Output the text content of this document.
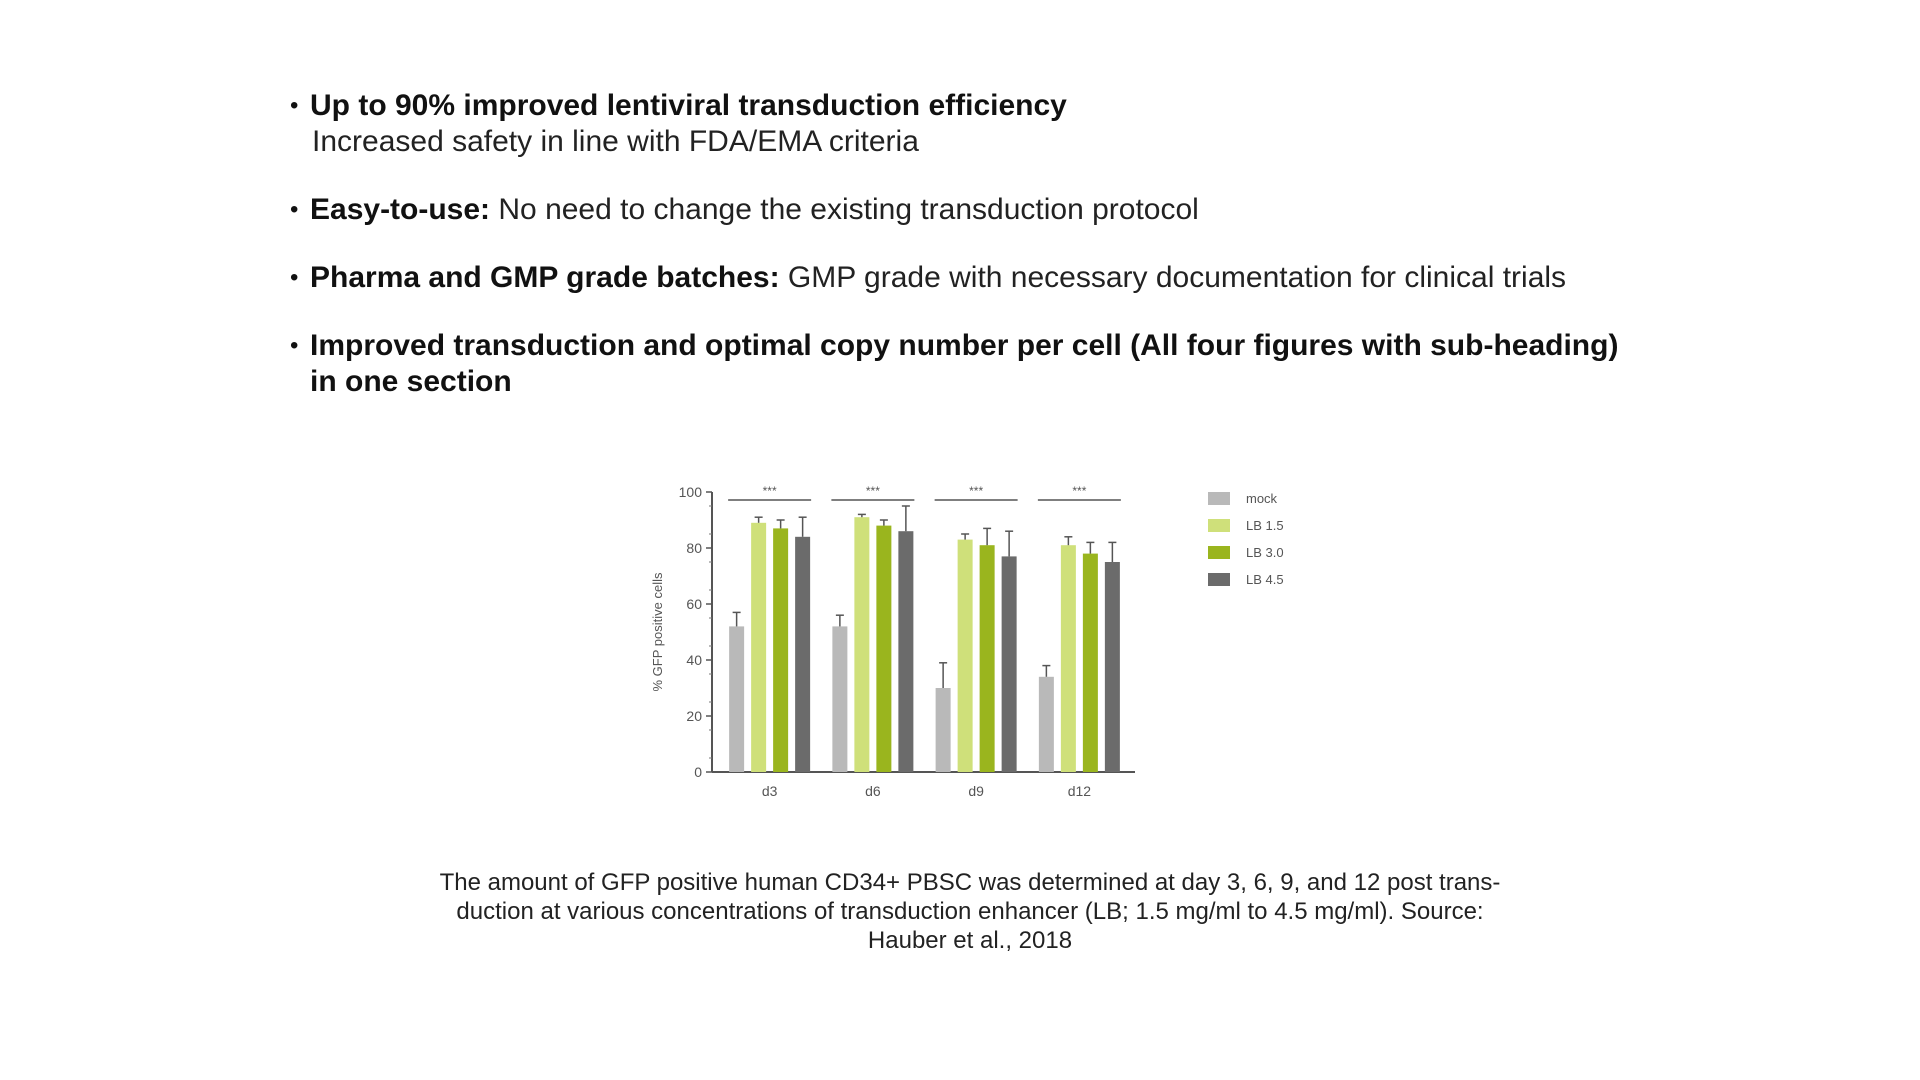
• Up to 90% improved lentiviral transduction efficiency
Increased safety in line with FDA/EMA criteria
• Easy-to-use: No need to change the existing transduction protocol
• Pharma and GMP grade batches: GMP grade with necessary documentation for clinical trials
• Improved transduction and optimal copy number per cell (All four figures with sub-heading) in one section
0
20
40
60
80
100
% GFP positive cells
d3
***
d6
***
d9
***
d12
***	mock
LB 1.5
LB 3.0
LB 4.5
The amount of GFP positive human CD34+ PBSC was determined at day 3, 6, 9, and 12 post trans-
duction at various concentrations of transduction enhancer (LB; 1.5 mg/ml to 4.5 mg/ml). Source:
Hauber et al., 2018
